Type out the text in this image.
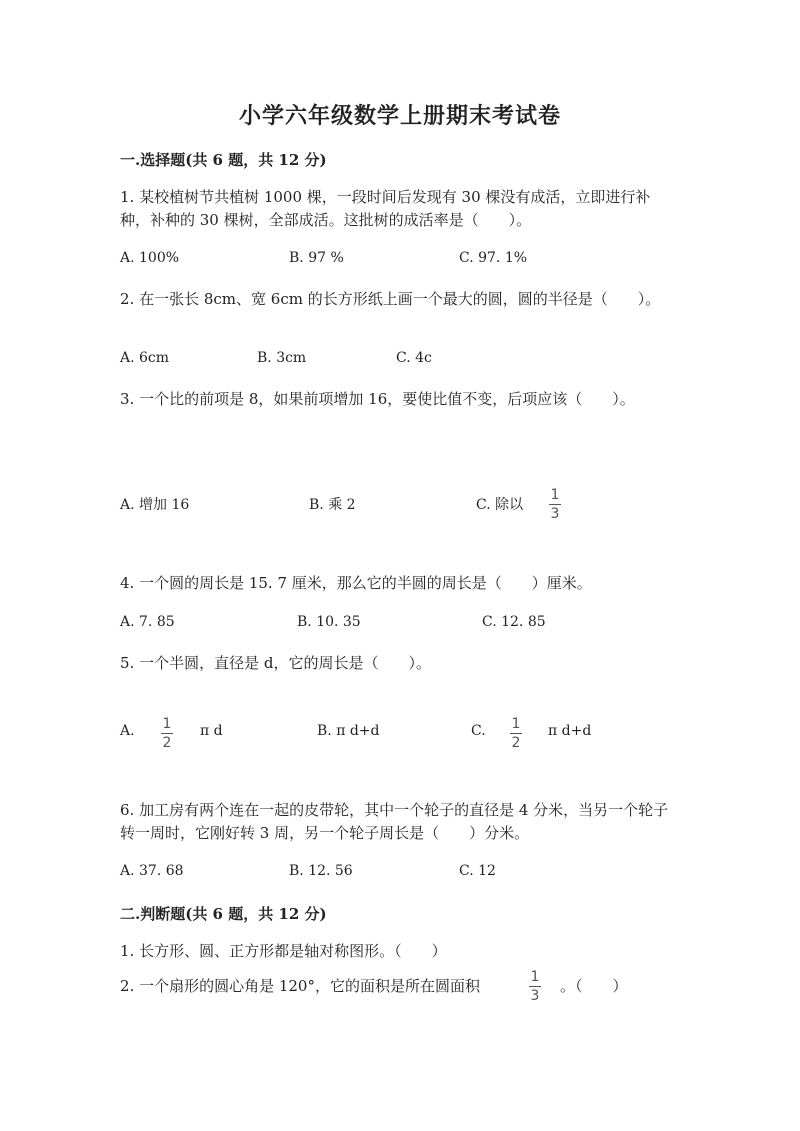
小学六年级数学上册期末考试卷
一.选择题(共 6 题，共 12 分)
1. 某校植树节共植树 1000 棵，一段时间后发现有 30 棵没有成活，立即进行补种，补种的 30 棵树，全部成活。这批树的成活率是（　　）。
A. 100%	B. 97 %	C. 97. 1%
2. 在一张长 8cm、宽 6cm 的长方形纸上画一个最大的圆，圆的半径是（　　）。
A. 6cm	B. 3cm	C. 4c
3. 一个比的前项是 8，如果前项增加 16，要使比值不变，后项应该（　　）。
A. 增加 16	B. 乘 2	C. 除以
1
3
4. 一个圆的周长是 15. 7 厘米，那么它的半圆的周长是（　　）厘米。
A. 7. 85	B. 10. 35	C. 12. 85
5. 一个半圆，直径是 d，它的周长是（　　）。
A. 1
2
π d	B. π d+d	C. 1
2
π d+d
6. 加工房有两个连在一起的皮带轮，其中一个轮子的直径是 4 分米，当另一个轮子转一周时，它刚好转 3 周，另一个轮子周长是（　　）分米。
A. 37. 68	B. 12. 56	C. 12
二.判断题(共 6 题，共 12 分)
1. 长方形、圆、正方形都是轴对称图形。（　　）
2. 一个扇形的圆心角是 120°，它的面积是所在圆面积	1
3
。（　　）
